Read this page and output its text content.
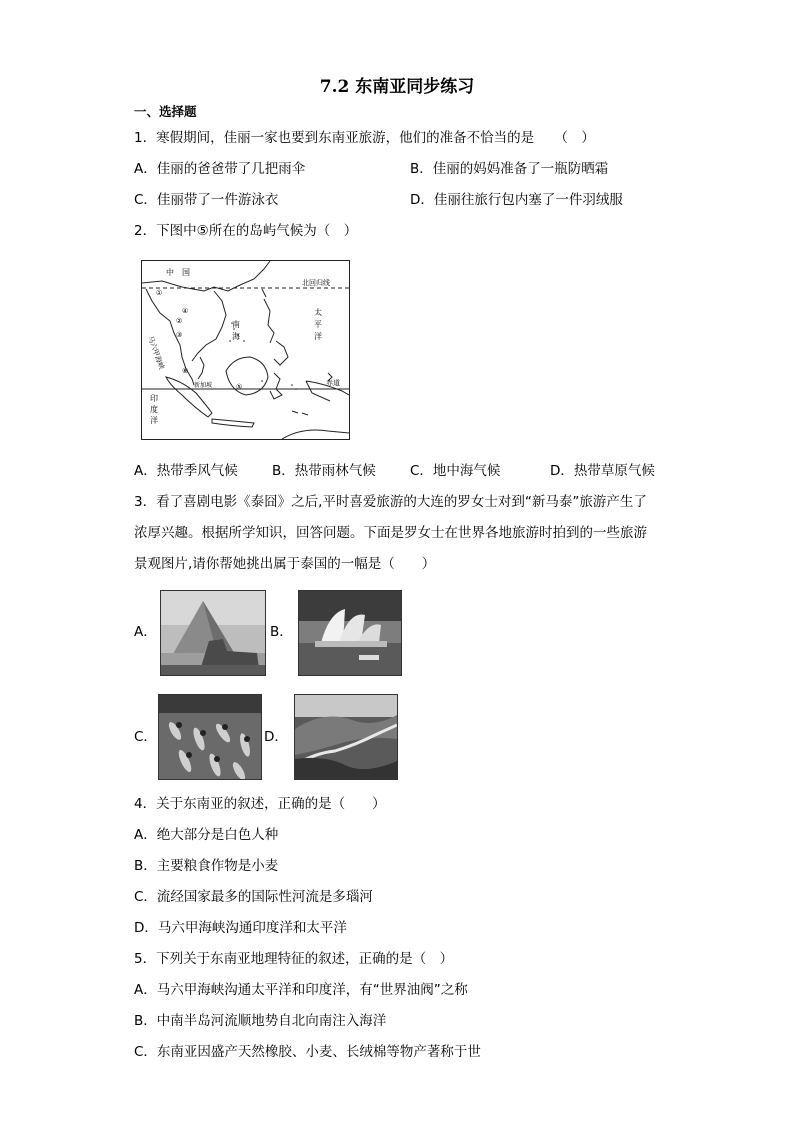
7.2 东南亚同步练习
一、选择题
1．寒假期间，佳丽一家也要到东南亚旅游，他们的准备不恰当的是　　（　）
A．佳丽的爸爸带了几把雨伞	B．佳丽的妈妈准备了一瓶防晒霜
C．佳丽带了一件游泳衣	D．佳丽往旅行包内塞了一件羽绒服
2．下图中⑤所在的岛屿气候为（　）
中　国
北回归线
太平洋
南海
马六甲海峡
新加坡	赤道
印度洋
①
②
③
④
⑤
⑥
A．热带季风气候	B．热带雨林气候	C．地中海气候	D．热带草原气候
3．看了喜剧电影《泰囧》之后,平时喜爱旅游的大连的罗女士对到“新马泰”旅游产生了
浓厚兴趣。根据所学知识，回答问题。下面是罗女士在世界各地旅游时拍到的一些旅游
景观图片,请你帮她挑出属于泰国的一幅是（　　）
A．	B．
C．	D．
4．关于东南亚的叙述，正确的是（　　）
A．绝大部分是白色人种
B．主要粮食作物是小麦
C．流经国家最多的国际性河流是多瑙河
D．马六甲海峡沟通印度洋和太平洋
5．下列关于东南亚地理特征的叙述，正确的是（　）
A．马六甲海峡沟通太平洋和印度洋，有“世界油阀”之称
B．中南半岛河流顺地势自北向南注入海洋
C．东南亚因盛产天然橡胶、小麦、长绒棉等物产著称于世
